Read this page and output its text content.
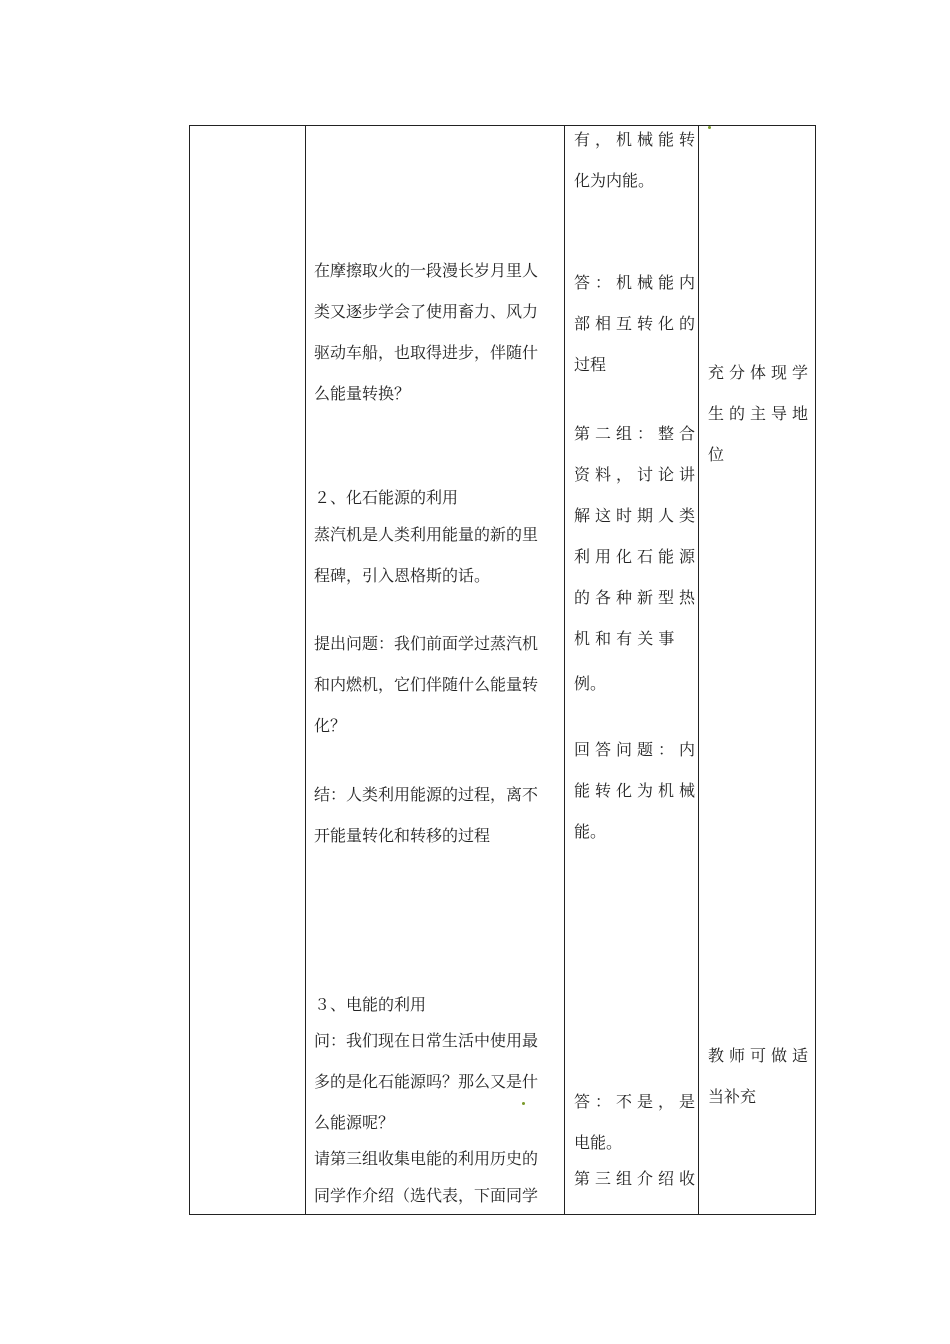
在摩擦取火的一段漫长岁月里人
类又逐步学会了使用畜力、风力
驱动车船，也取得进步，伴随什
么能量转换？
２、化石能源的利用
蒸汽机是人类利用能量的新的里
程碑，引入恩格斯的话。
提出问题：我们前面学过蒸汽机
和内燃机，它们伴随什么能量转
化？
结：人类利用能源的过程，离不
开能量转化和转移的过程
３、电能的利用
问：我们现在日常生活中使用最
多的是化石能源吗？那么又是什
么能源呢？
请第三组收集电能的利用历史的
同学作介绍（选代表，下面同学
有，机械能转
化为内能。
答：机械能内
部相互转化的
过程
第二组：整合
资料，讨论讲
解这时期人类
利用化石能源
的各种新型热
机 和 有 关 事
例。
回答问题：内
能转化为机械
能。
答：不是，是
电能。
第三组介绍收
充分体现学
生的主导地
位
教师可做适
当补充
